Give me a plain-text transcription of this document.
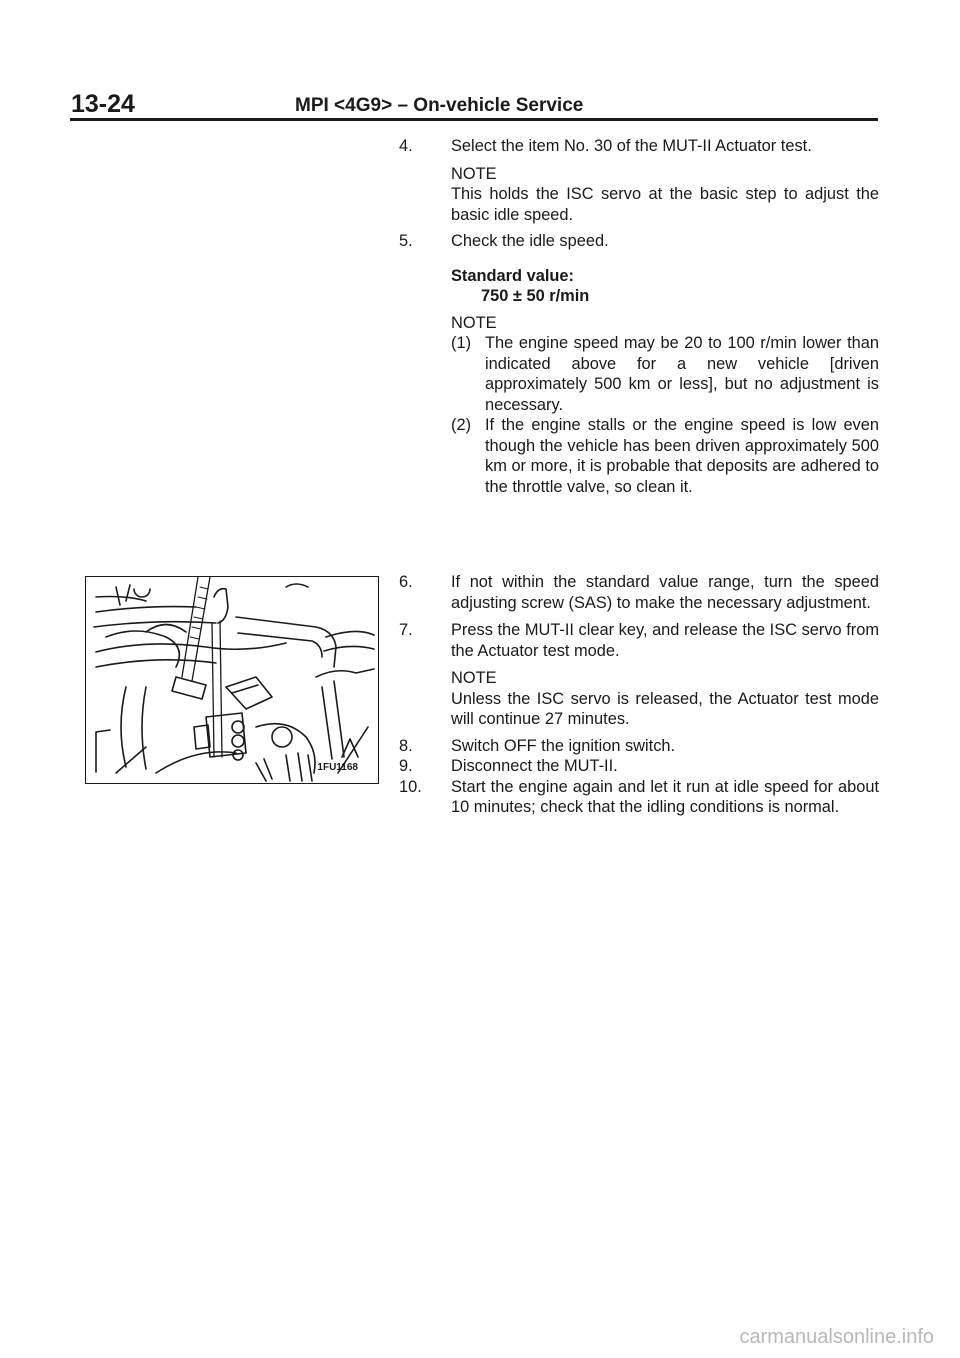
13-24	MPI <4G9> – On-vehicle Service
4. Select the item No. 30 of the MUT-II Actuator test.
NOTE
This holds the ISC servo at the basic step to adjust the basic idle speed.
5. Check the idle speed.
Standard value:
750 ± 50 r/min
NOTE
(1) The engine speed may be 20 to 100 r/min lower than indicated above for a new vehicle [driven approximately 500 km or less], but no adjustment is necessary.
(2) If the engine stalls or the engine speed is low even though the vehicle has been driven approximately 500 km or more, it is probable that deposits are adhered to the throttle valve, so clean it.
1FU1168
6. If not within the standard value range, turn the speed adjusting screw (SAS) to make the necessary adjustment.
7. Press the MUT-II clear key, and release the ISC servo from the Actuator test mode.
NOTE
Unless the ISC servo is released, the Actuator test mode will continue 27 minutes.
8. Switch OFF the ignition switch.
9. Disconnect the MUT-II.
10. Start the engine again and let it run at idle speed for about 10 minutes; check that the idling conditions is normal.
carmanualsonline.info
